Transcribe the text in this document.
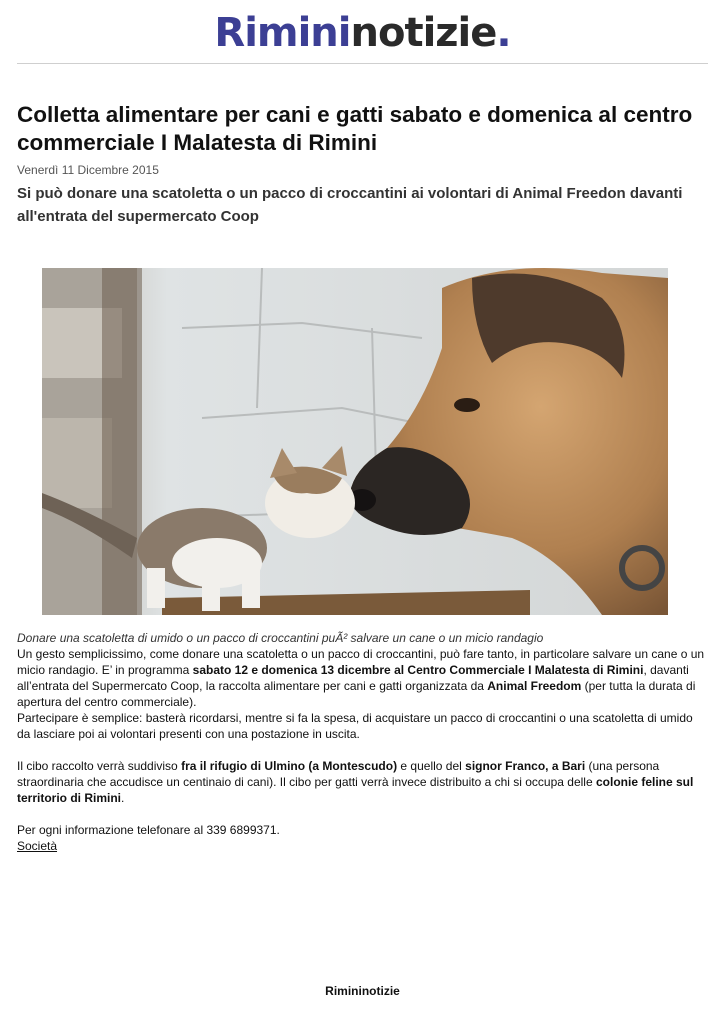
Rimininotizie.
Colletta alimentare per cani e gatti sabato e domenica al centro commerciale I Malatesta di Rimini
Venerdì 11 Dicembre 2015
Si può donare una scatoletta o un pacco di croccantini ai volontari di Animal Freedon davanti all'entrata del supermercato Coop

Donare una scatoletta di umido o un pacco di croccantini puÃ² salvare un cane o un micio randagio

Un gesto semplicissimo, come donare una scatoletta o un pacco di croccantini, può fare tanto, in particolare salvare un cane o un micio randagio. E’ in programma sabato 12 e domenica 13 dicembre al Centro Commerciale I Malatesta di Rimini, davanti all’entrata del Supermercato Coop, la raccolta alimentare per cani e gatti organizzata da Animal Freedom (per tutta la durata di apertura del centro commerciale).

Partecipare è semplice: basterà ricordarsi, mentre si fa la spesa, di acquistare un pacco di croccantini o una scatoletta di umido da lasciare poi ai volontari presenti con una postazione in uscita.

Il cibo raccolto verrà suddiviso fra il rifugio di Ulmino (a Montescudo) e quello del signor Franco, a Bari (una persona straordinaria che accudisce un centinaio di cani). Il cibo per gatti verrà invece distribuito a chi si occupa delle colonie feline sul territorio di Rimini.

Per ogni informazione telefonare al 339 6899371.

Società
Rimininotizie
